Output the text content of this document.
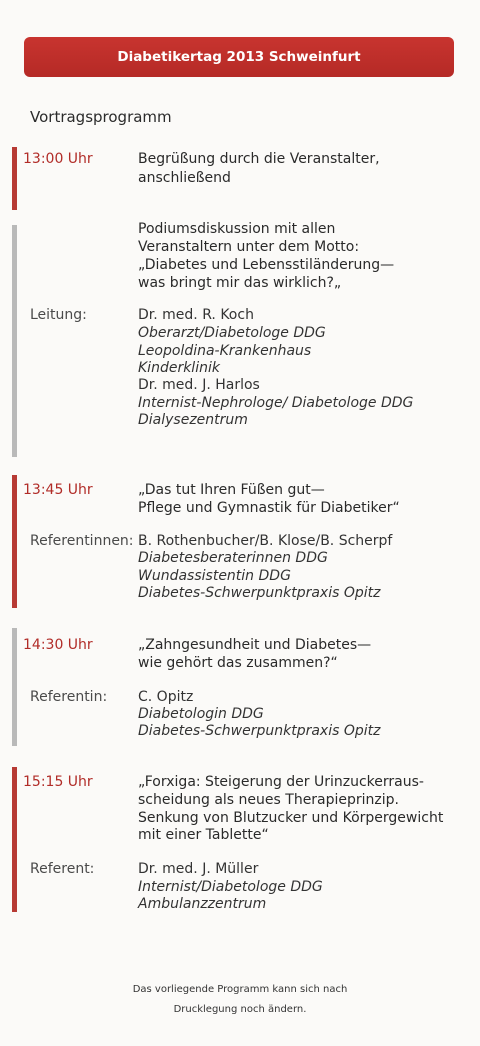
Diabetikertag 2013 Schweinfurt
Vortragsprogramm
13:00 Uhr	Begrüßung durch die Veranstalter,
anschließend
Podiumsdiskussion mit allen
Veranstaltern unter dem Motto:
„Diabetes und Lebensstiländerung—
was bringt mir das wirklich?„
Leitung:	Dr. med. R. Koch
Oberarzt/Diabetologe DDG
Leopoldina-Krankenhaus
Kinderklinik
Dr. med. J. Harlos
Internist-Nephrologe/ Diabetologe DDG
Dialysezentrum
13:45 Uhr	„Das tut Ihren Füßen gut—
Pflege und Gymnastik für Diabetiker“
Referentinnen: B. Rothenbucher/B. Klose/B. Scherpf
Diabetesberaterinnen DDG
Wundassistentin DDG
Diabetes-Schwerpunktpraxis Opitz
14:30 Uhr	„Zahngesundheit und Diabetes—
wie gehört das zusammen?“
Referentin: C. Opitz
Diabetologin DDG
Diabetes-Schwerpunktpraxis Opitz
15:15 Uhr	„Forxiga: Steigerung der Urinzuckerraus-
scheidung als neues Therapieprinzip.
Senkung von Blutzucker und Körpergewicht
mit einer Tablette“
Referent:	Dr. med. J. Müller
Internist/Diabetologe DDG
Ambulanzzentrum
Das vorliegende Programm kann sich nach
Drucklegung noch ändern.
